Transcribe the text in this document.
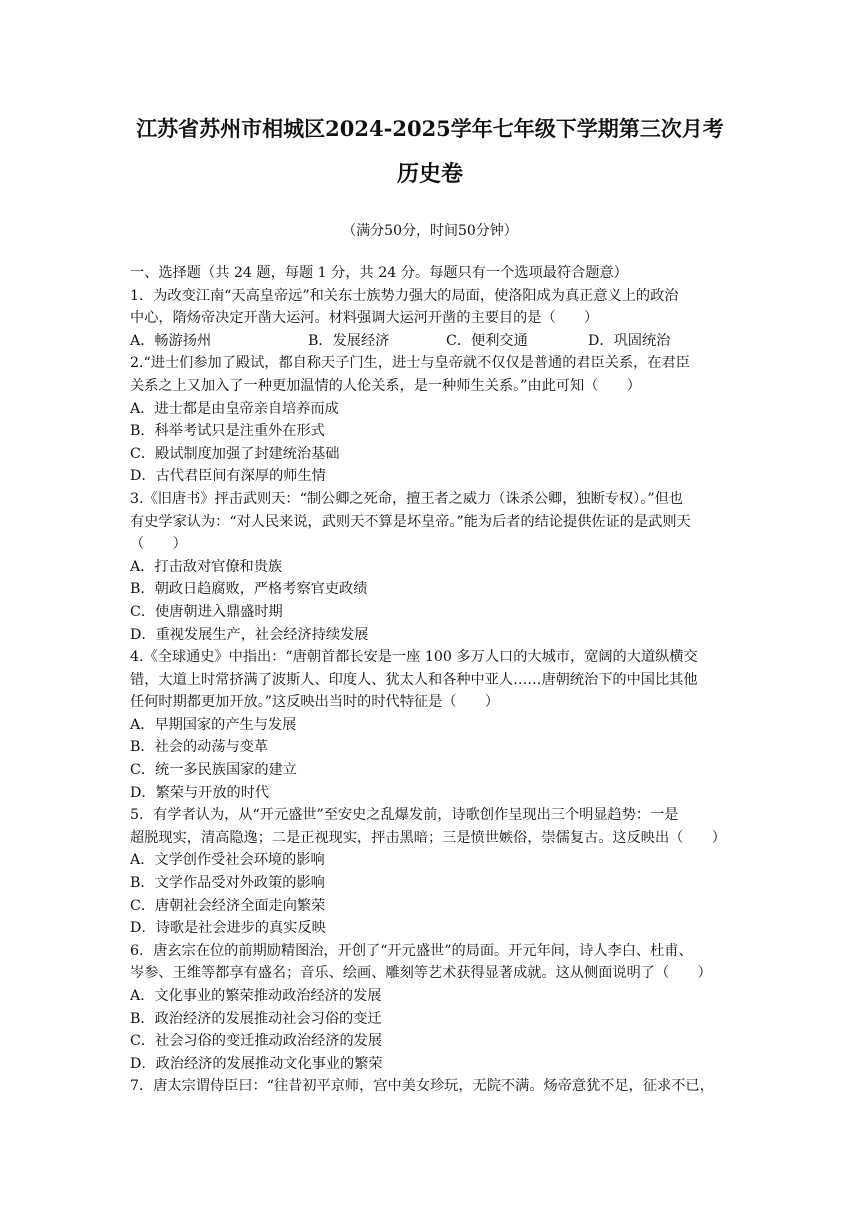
江苏省苏州市相城区2024-2025学年七年级下学期第三次月考
历史卷
（满分50分，时间50分钟）
一、选择题（共 24 题，每题 1 分，共 24 分。每题只有一个选项最符合题意）
1．为改变江南“天高皇帝远”和关东士族势力强大的局面，使洛阳成为真正意义上的政治
中心，隋炀帝决定开凿大运河。材料强调大运河开凿的主要目的是（　　）
A．畅游扬州	B．发展经济	C．便利交通	D．巩固统治
2.“进士们参加了殿试，都自称天子门生，进士与皇帝就不仅仅是普通的君臣关系，在君臣
关系之上又加入了一种更加温情的人伦关系，是一种师生关系。”由此可知（　　）
A．进士都是由皇帝亲自培养而成
B．科举考试只是注重外在形式
C．殿试制度加强了封建统治基础
D．古代君臣间有深厚的师生情
3.《旧唐书》抨击武则天：“制公卿之死命，擅王者之威力（诛杀公卿，独断专权）。”但也
有史学家认为：“对人民来说，武则天不算是坏皇帝。”能为后者的结论提供佐证的是武则天
（　　）
A．打击敌对官僚和贵族
B．朝政日趋腐败，严格考察官吏政绩
C．使唐朝进入鼎盛时期
D．重视发展生产，社会经济持续发展
4.《全球通史》中指出：“唐朝首都长安是一座 100 多万人口的大城市，宽阔的大道纵横交
错，大道上时常挤满了波斯人、印度人、犹太人和各种中亚人……唐朝统治下的中国比其他
任何时期都更加开放。”这反映出当时的时代特征是（　　）
A．早期国家的产生与发展
B．社会的动荡与变革
C．统一多民族国家的建立
D．繁荣与开放的时代
5．有学者认为，从“开元盛世”至安史之乱爆发前，诗歌创作呈现出三个明显趋势：一是
超脱现实，清高隐逸；二是正视现实，抨击黑暗；三是愤世嫉俗，崇儒复古。这反映出（　　）
A．文学创作受社会环境的影响
B．文学作品受对外政策的影响
C．唐朝社会经济全面走向繁荣
D．诗歌是社会进步的真实反映
6．唐玄宗在位的前期励精图治，开创了“开元盛世”的局面。开元年间，诗人李白、杜甫、
岑参、王维等都享有盛名；音乐、绘画、雕刻等艺术获得显著成就。这从侧面说明了（　　）
A．文化事业的繁荣推动政治经济的发展
B．政治经济的发展推动社会习俗的变迁
C．社会习俗的变迁推动政治经济的发展
D．政治经济的发展推动文化事业的繁荣
7．唐太宗谓侍臣曰：“往昔初平京师，宫中美女珍玩，无院不满。炀帝意犹不足，征求不已，
